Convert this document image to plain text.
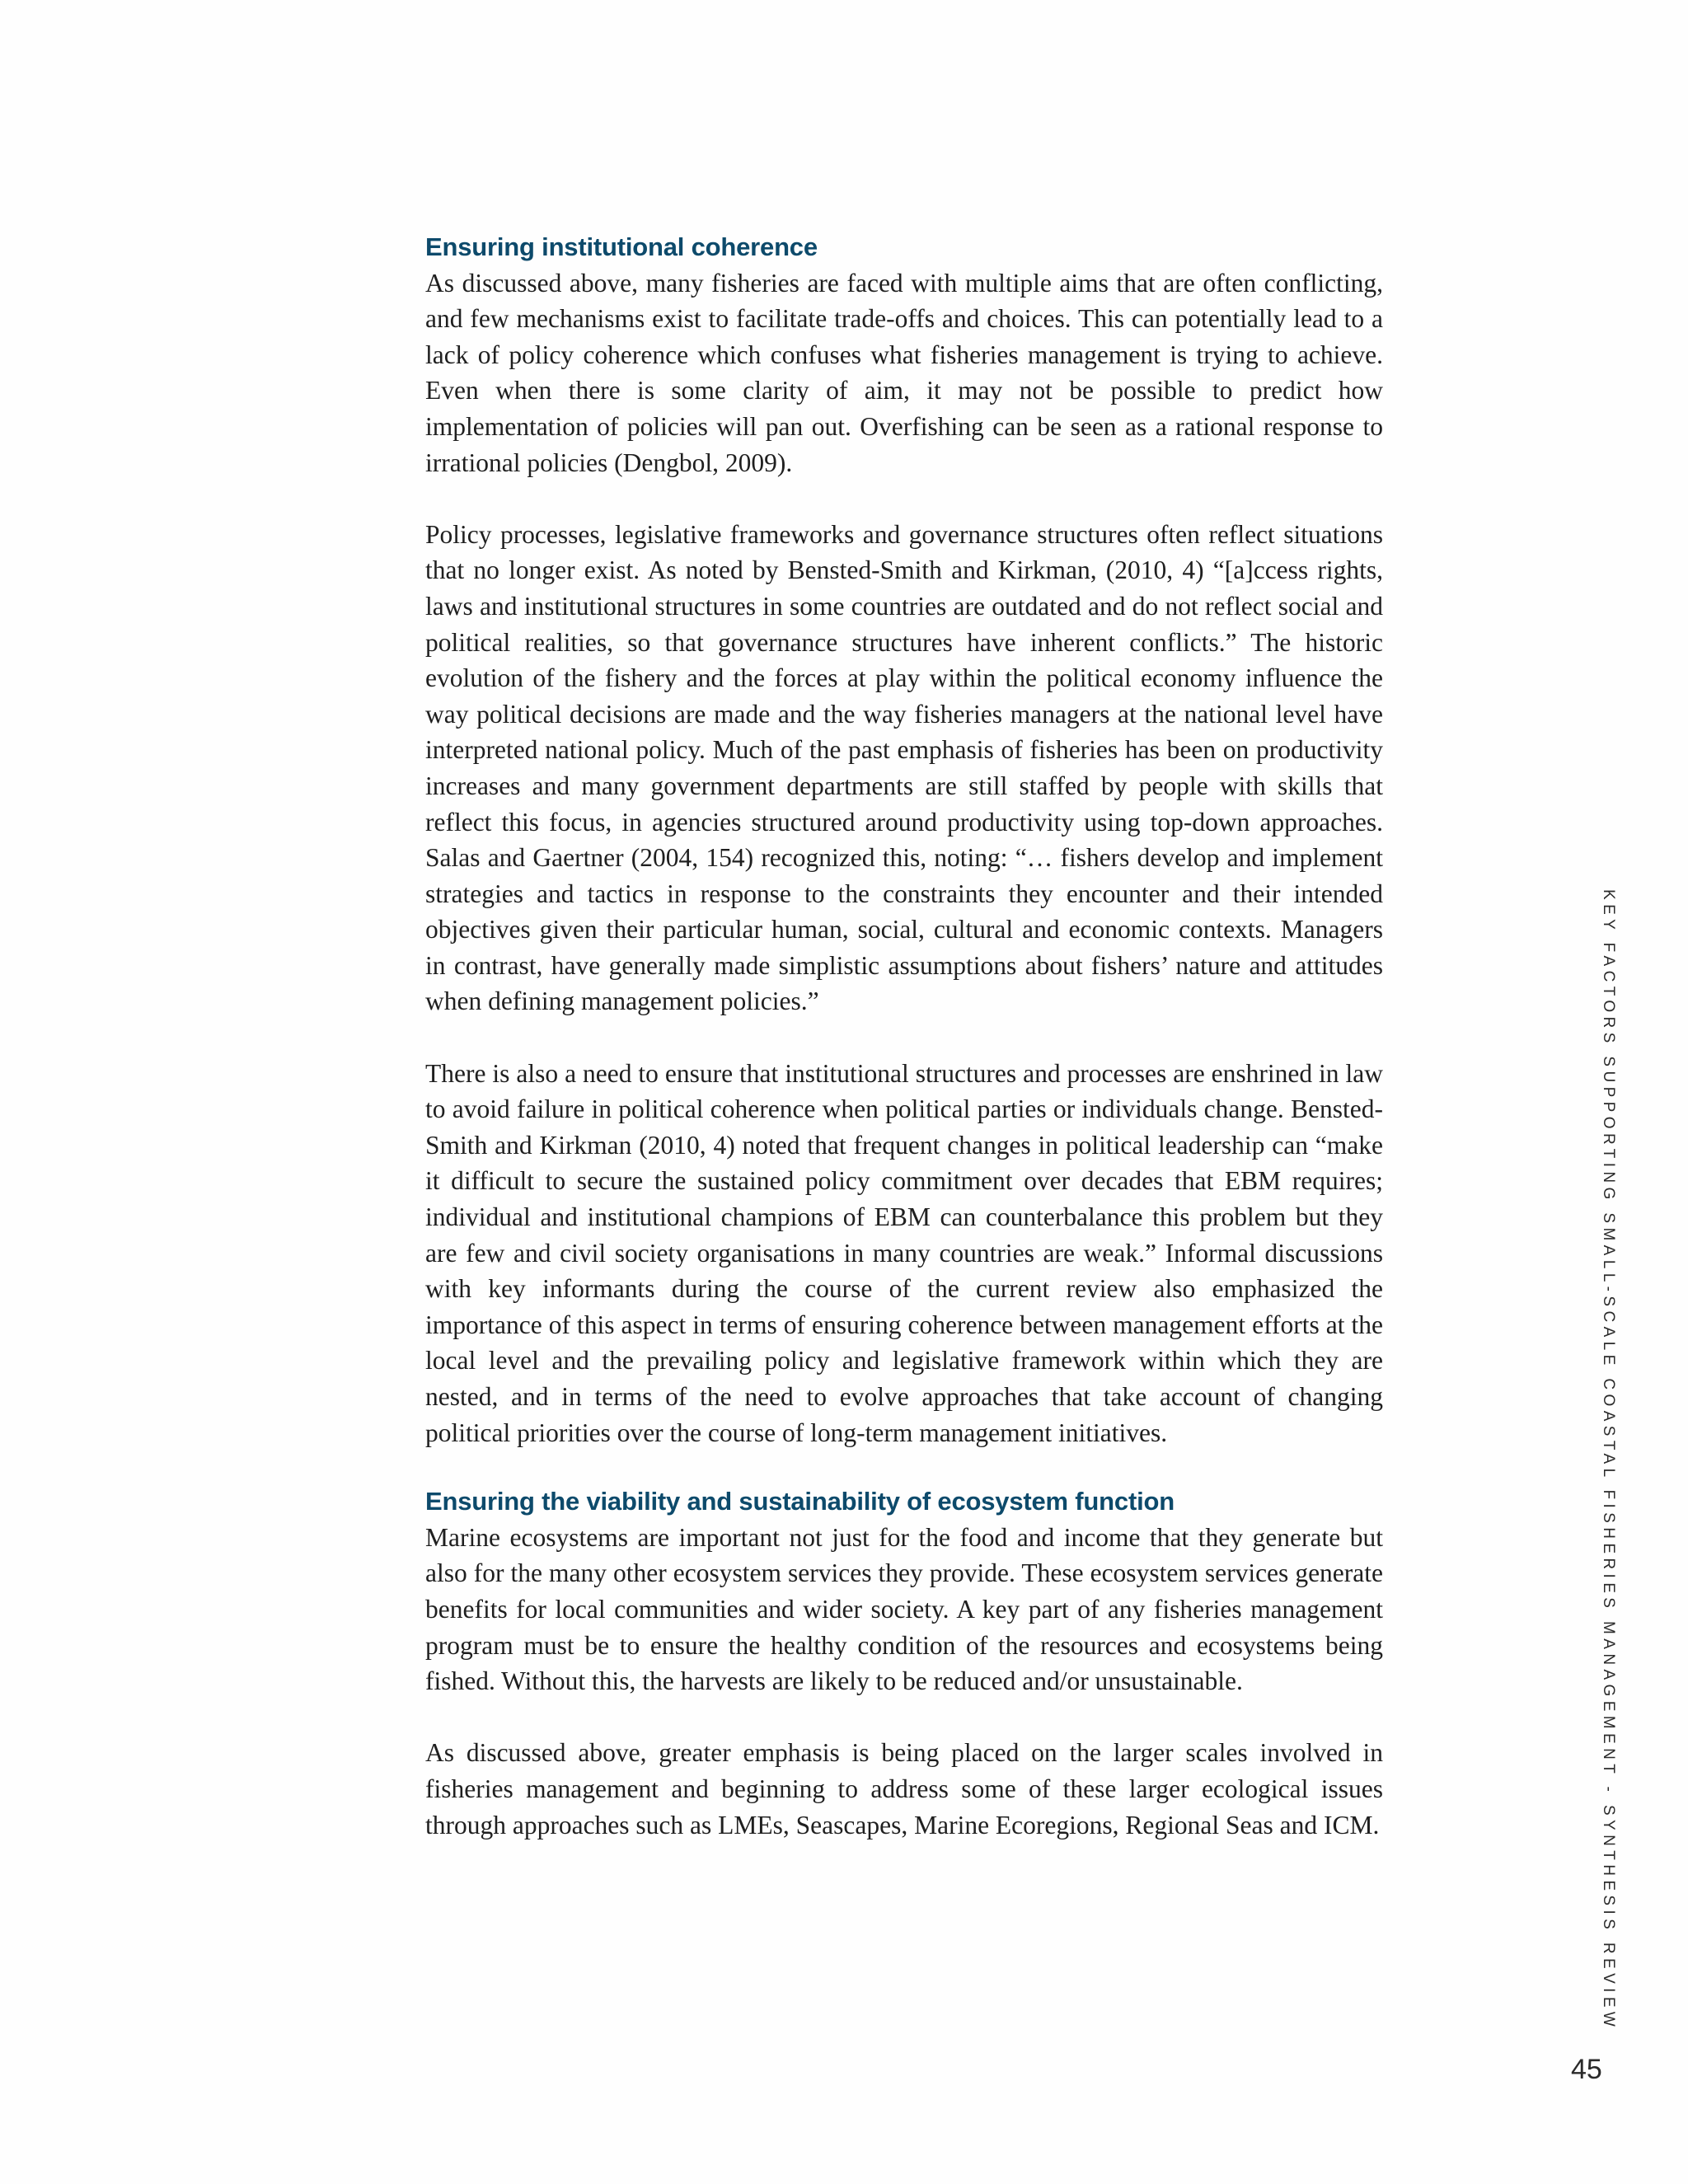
Ensuring institutional coherence

As discussed above, many fisheries are faced with multiple aims that are often conflicting, and few mechanisms exist to facilitate trade-offs and choices. This can potentially lead to a lack of policy coherence which confuses what fisheries management is trying to achieve. Even when there is some clarity of aim, it may not be possible to predict how implementation of policies will pan out. Overfishing can be seen as a rational response to irrational policies (Dengbol, 2009).

Policy processes, legislative frameworks and governance structures often reflect situations that no longer exist. As noted by Bensted-Smith and Kirkman, (2010, 4) “[a]ccess rights, laws and institutional structures in some countries are outdated and do not reflect social and political realities, so that governance structures have inherent conflicts.” The historic evolution of the fishery and the forces at play within the political economy influence the way political decisions are made and the way fisheries managers at the national level have interpreted national policy. Much of the past emphasis of fisheries has been on productivity increases and many government departments are still staffed by people with skills that reflect this focus, in agencies structured around productivity using top-down approaches. Salas and Gaertner (2004, 154) recognized this, noting: “… fishers develop and implement strategies and tactics in response to the constraints they encounter and their intended objectives given their particular human, social, cultural and economic contexts. Managers in contrast, have generally made simplistic assumptions about fishers’ nature and attitudes when defining management policies.”

There is also a need to ensure that institutional structures and processes are enshrined in law to avoid failure in political coherence when political parties or individuals change. Bensted-Smith and Kirkman (2010, 4) noted that frequent changes in political leadership can “make it difficult to secure the sustained policy commitment over decades that EBM requires; individual and institutional champions of EBM can counterbalance this problem but they are few and civil society organisations in many countries are weak.” Informal discussions with key informants during the course of the current review also emphasized the importance of this aspect in terms of ensuring coherence between management efforts at the local level and the prevailing policy and legislative framework within which they are nested, and in terms of the need to evolve approaches that take account of changing political priorities over the course of long-term management initiatives.

Ensuring the viability and sustainability of ecosystem function

Marine ecosystems are important not just for the food and income that they generate but also for the many other ecosystem services they provide. These ecosystem services generate benefits for local communities and wider society. A key part of any fisheries management program must be to ensure the healthy condition of the resources and ecosystems being fished. Without this, the harvests are likely to be reduced and/or unsustainable.

As discussed above, greater emphasis is being placed on the larger scales involved in fisheries management and beginning to address some of these larger ecological issues through approaches such as LMEs, Seascapes, Marine Ecoregions, Regional Seas and ICM.	KEY FACTORS SUPPORTING SMALL-SCALE COASTAL FISHERIES MANAGEMENT - SYNTHESIS REVIEW
45
